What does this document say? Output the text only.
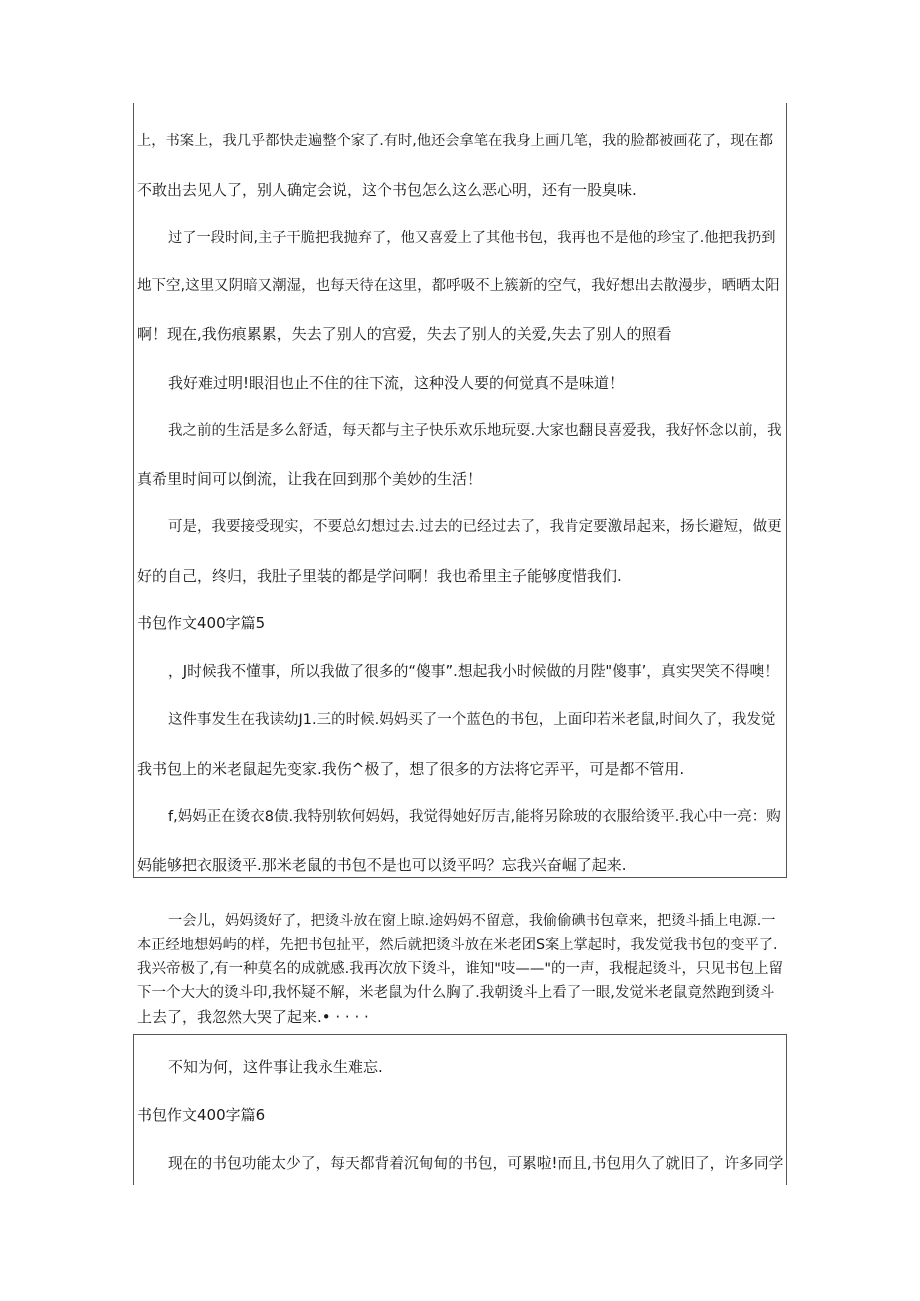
上，书案上，我几乎都快走遍整个家了.有时,他还会拿笔在我身上画几笔，我的脸都被画花了，现在都
不敢出去见人了，别人确定会说，这个书包怎么这么恶心明，还有一股臭味.
过了一段时间,主子干脆把我抛弃了，他又喜爱上了其他书包，我再也不是他的珍宝了.他把我扔到
地下空,这里又阴暗又潮湿，也每天待在这里，都呼吸不上簇新的空气，我好想出去散漫步，晒晒太阳
啊！现在,我伤痕累累，失去了别人的宫爱，失去了别人的关爱,失去了别人的照看
我好难过明!眼泪也止不住的往下流，这种没人要的何觉真不是味道！
我之前的生活是多么舒适，每天都与主子快乐欢乐地玩耍.大家也翻艮喜爱我，我好怀念以前，我
真希里时间可以倒流，让我在回到那个美妙的生活！
可是，我要接受现实，不要总幻想过去.过去的已经过去了，我肯定要激昂起来，扬长避短，做更
好的自己，终归，我肚子里装的都是学问啊！我也希里主子能够度惜我们.
书包作文400字篇5
，J时候我不懂事，所以我做了很多的“傻事”.想起我小时候做的月陛"傻事’，真实哭笑不得噢！
这件事发生在我读幼J1.三的时候.妈妈买了一个蓝色的书包，上面印若米老鼠,时间久了，我发觉
我书包上的米老鼠起先变家.我伤^极了，想了很多的方法将它弄平，可是都不管用.
f,妈妈正在烫衣8债.我特别软何妈妈，我觉得她好厉吉,能将另除玻的衣服给烫平.我心中一亮：购
妈能够把衣服烫平.那米老鼠的书包不是也可以烫平吗？忘我兴奋崛了起来.
一会儿，妈妈烫好了，把烫斗放在窗上晾.途妈妈不留意，我偷偷碘书包章来，把烫斗插上电源.一
本正经地想妈屿的样，先把书包扯平，然后就把烫斗放在米老团S案上掌起时，我发觉我书包的变平了.
我兴帝极了,有一种莫名的成就感.我再次放下烫斗，谁知"吱——"的一声，我棍起烫斗，只见书包上留
下一个大大的烫斗印,我怀疑不解，米老鼠为什么胸了.我朝烫斗上看了一眼,发觉米老鼠竟然跑到烫斗
上去了，我忽然大哭了起来.• · · · ·
不知为何，这件事让我永生难忘.
书包作文400字篇6
现在的书包功能太少了，每天都背着沉甸甸的书包，可累啦!而且,书包用久了就旧了，许多同学
